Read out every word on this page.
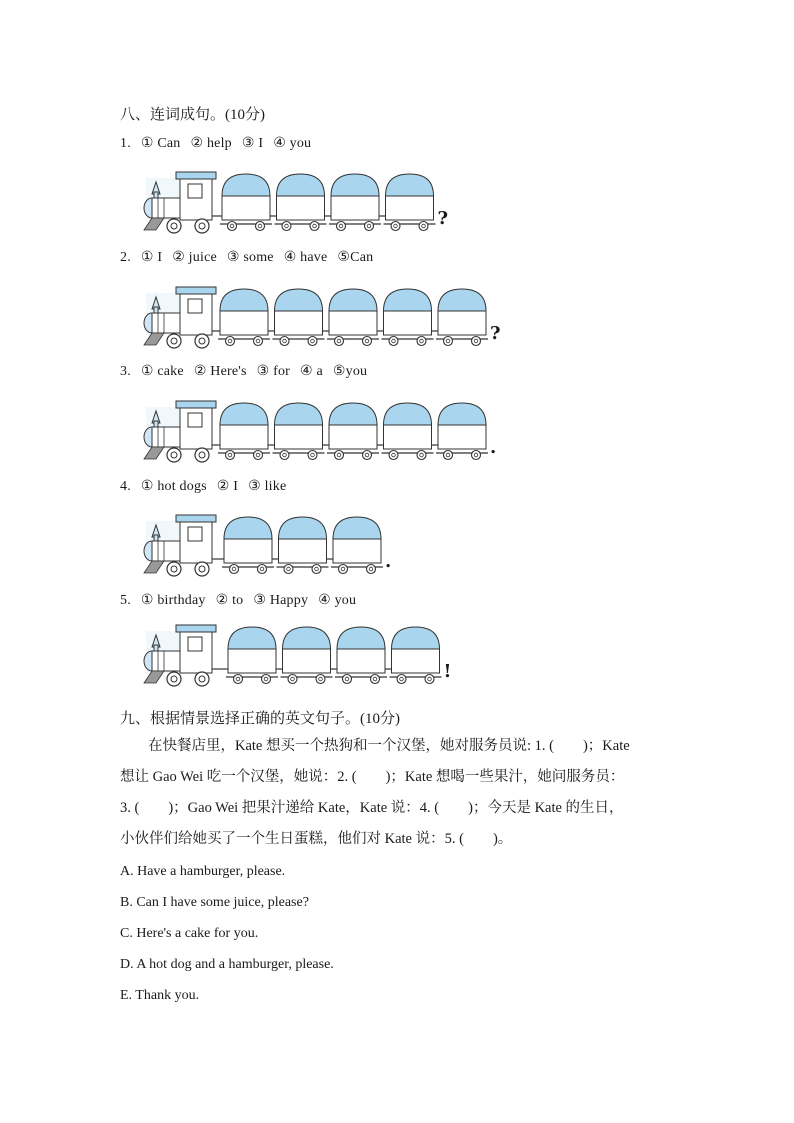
八、连词成句。(10分)
1. ① Can ② help ③ I ④ you
?
2. ① I ② juice ③ some ④ have ⑤Can
?
3. ① cake ② Here's ③ for ④ a ⑤you
.
4. ① hot dogs ② I ③ like
.
5. ① birthday ② to ③ Happy ④ you
!
九、根据情景选择正确的英文句子。(10分)
在快餐店里，Kate 想买一个热狗和一个汉堡，她对服务员说: 1. (　　)；Kate
想让 Gao Wei 吃一个汉堡，她说：2. (　　)；Kate 想喝一些果汁，她问服务员：
3. (　　)；Gao Wei 把果汁递给 Kate，Kate 说：4. (　　)；今天是 Kate 的生日，
小伙伴们给她买了一个生日蛋糕，他们对 Kate 说：5. (　　)。
A. Have a hamburger, please.
B. Can I have some juice, please?
C. Here's a cake for you.
D. A hot dog and a hamburger, please.
E. Thank you.
